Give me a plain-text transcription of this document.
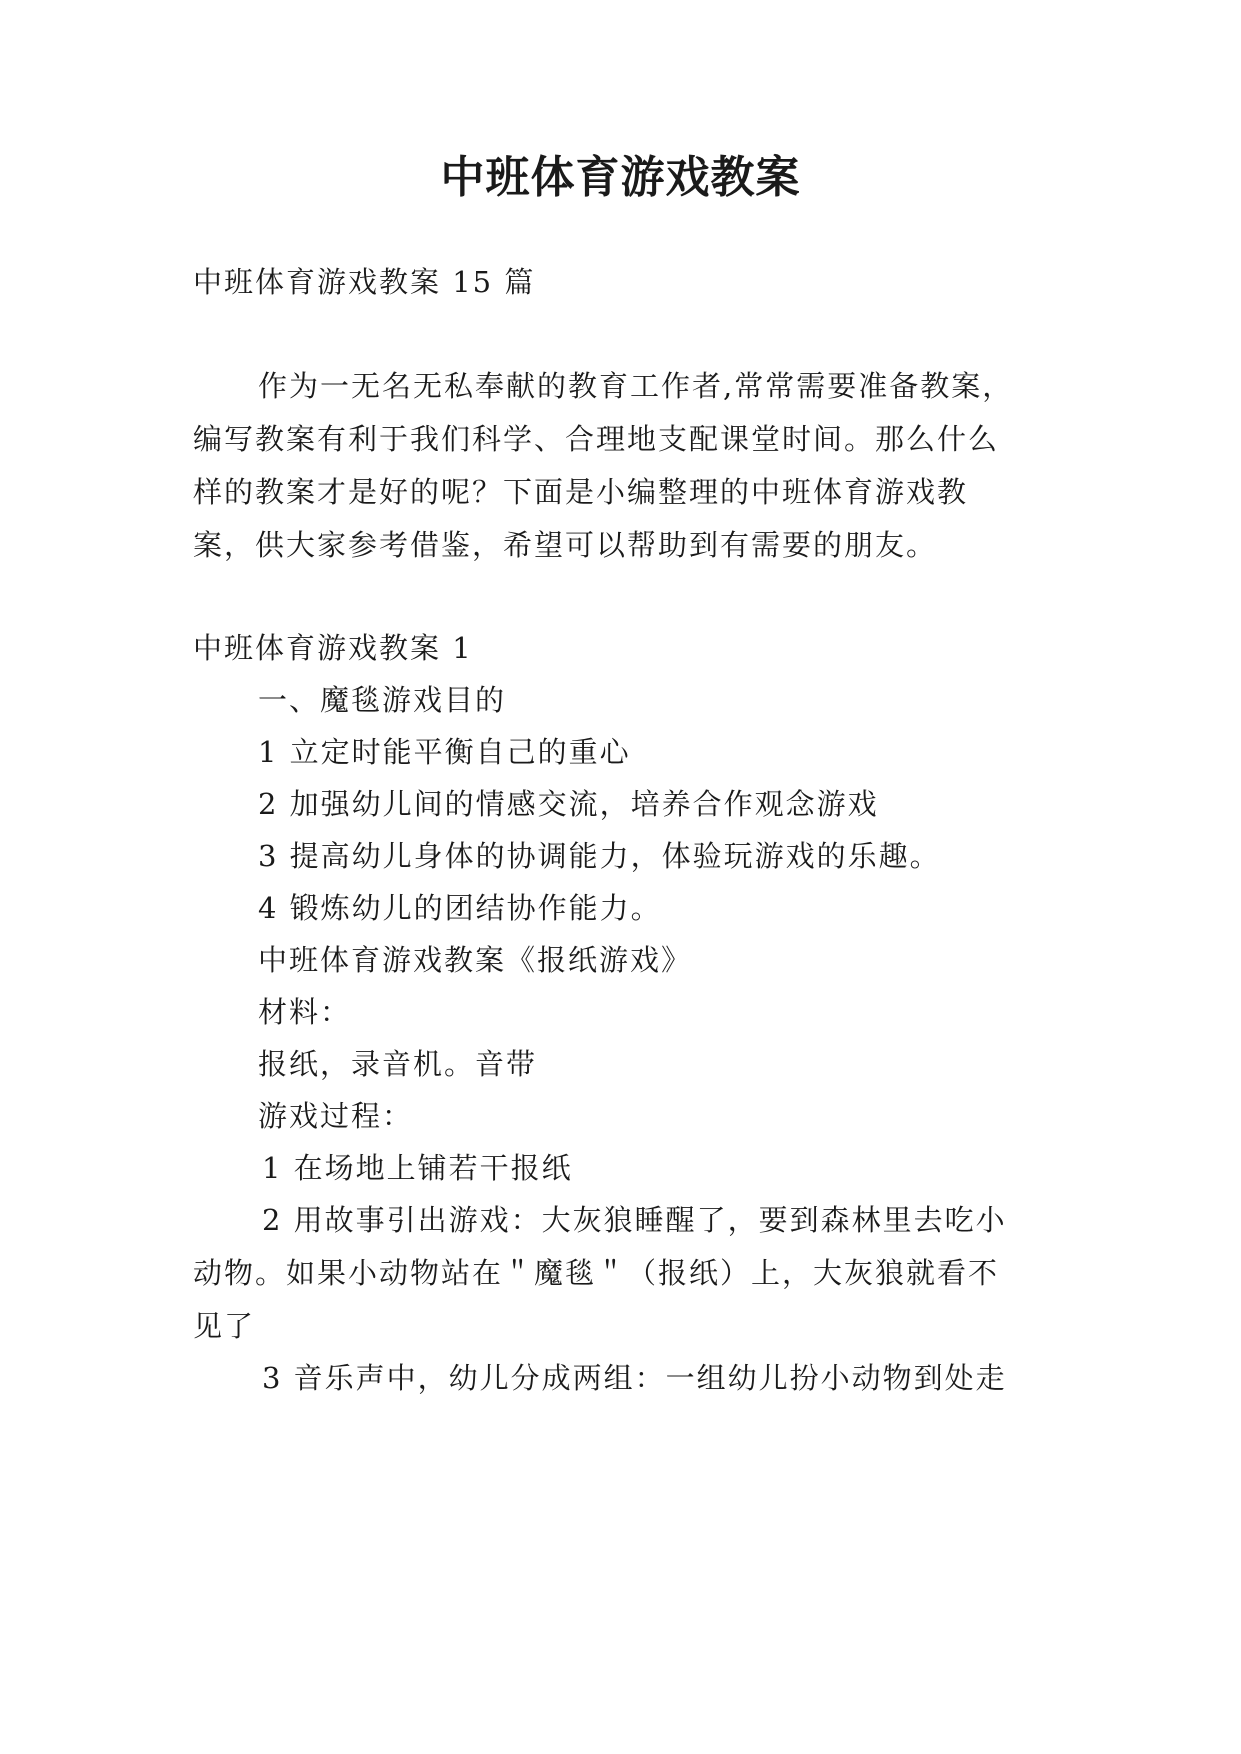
中班体育游戏教案

中班体育游戏教案 15 篇

作为一无名无私奉献的教育工作者,常常需要准备教案，

编写教案有利于我们科学、合理地支配课堂时间。那么什么

样的教案才是好的呢？下面是小编整理的中班体育游戏教

案，供大家参考借鉴，希望可以帮助到有需要的朋友。

中班体育游戏教案 1

一、魔毯游戏目的

1 立定时能平衡自己的重心

2 加强幼儿间的情感交流，培养合作观念游戏

3 提高幼儿身体的协调能力，体验玩游戏的乐趣。

4 锻炼幼儿的团结协作能力。

中班体育游戏教案《报纸游戏》

材料：

报纸，录音机。音带

游戏过程：

1 在场地上铺若干报纸

2 用故事引出游戏：大灰狼睡醒了，要到森林里去吃小

动物。如果小动物站在＂魔毯＂（报纸）上，大灰狼就看不

见了

3 音乐声中，幼儿分成两组：一组幼儿扮小动物到处走
